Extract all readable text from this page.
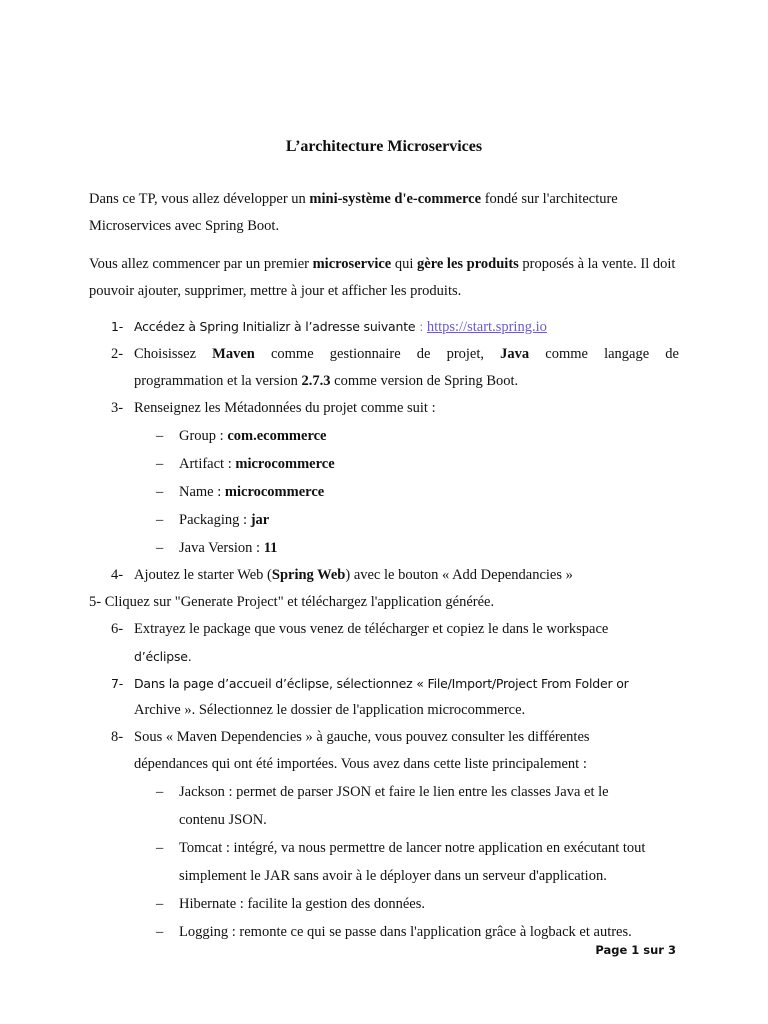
L’architecture Microservices
Dans ce TP, vous allez développer un mini-système d'e-commerce fondé sur l'architecture Microservices avec Spring Boot.
Vous allez commencer par un premier microservice qui gère les produits proposés à la vente. Il doit pouvoir ajouter, supprimer, mettre à jour et afficher les produits.
1- Accédez à Spring Initializr à l’adresse suivante : https://start.spring.io
2- Choisissez Maven comme gestionnaire de projet, Java comme langage de
programmation et la version 2.7.3 comme version de Spring Boot.
3- Renseignez les Métadonnées du projet comme suit :
– Group : com.ecommerce
– Artifact : microcommerce
– Name : microcommerce
– Packaging : jar
– Java Version : 11
4- Ajoutez le starter Web (Spring Web) avec le bouton « Add Dependancies »
5- Cliquez sur "Generate Project" et téléchargez l'application générée.
6- Extrayez le package que vous venez de télécharger et copiez le dans le workspace
d’éclipse.
7- Dans la page d’accueil d’éclipse, sélectionnez « File/Import/Project From Folder or
Archive ». Sélectionnez le dossier de l'application microcommerce.
8- Sous « Maven Dependencies » à gauche, vous pouvez consulter les différentes
dépendances qui ont été importées. Vous avez dans cette liste principalement :
– Jackson : permet de parser JSON et faire le lien entre les classes Java et le
contenu JSON.
– Tomcat : intégré, va nous permettre de lancer notre application en exécutant tout
simplement le JAR sans avoir à le déployer dans un serveur d'application.
– Hibernate : facilite la gestion des données.
– Logging : remonte ce qui se passe dans l'application grâce à logback et autres.
Page 1 sur 3
